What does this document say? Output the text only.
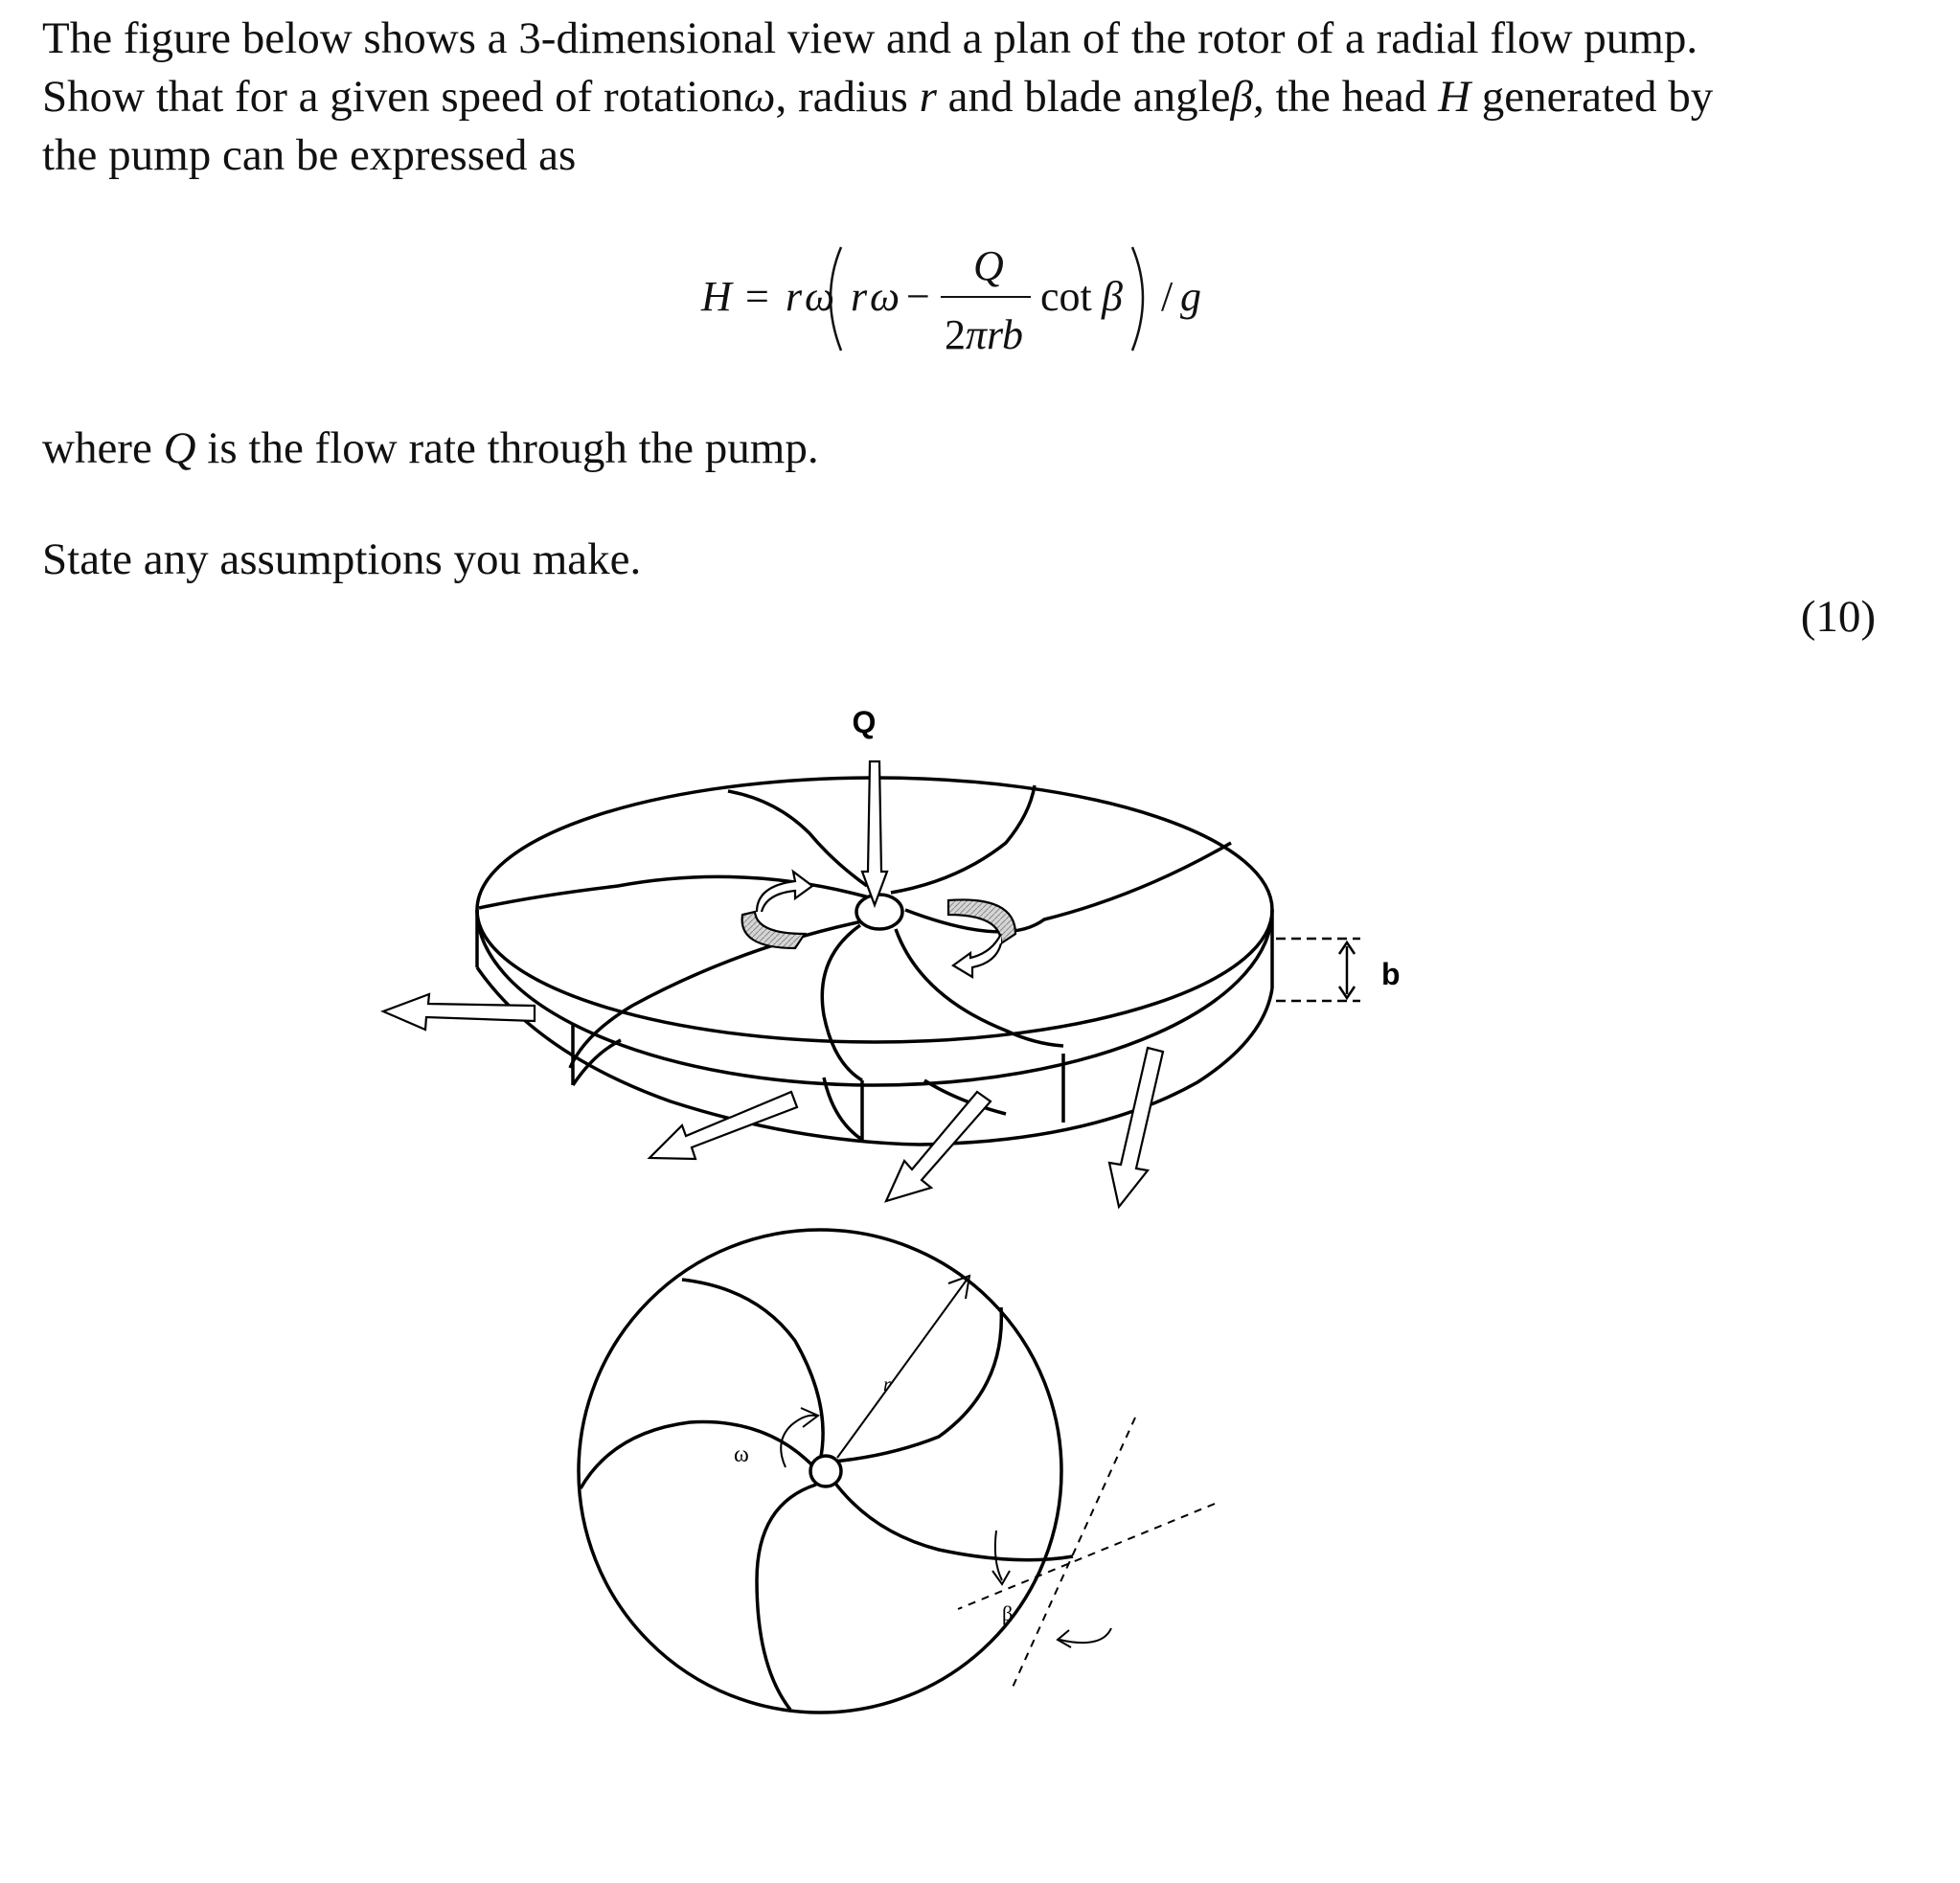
The figure below shows a 3-dimensional view and a plan of the rotor of a radial flow pump.
Show that for a given speed of rotationω, radius r and blade angleβ, the head H generated by
the pump can be expressed as
H = r ω r ω −
Q
2 π r
b
cot β / g
where Q is the flow rate through the pump.
State any assumptions you make.
(10)
Q
b
r
ω
β
